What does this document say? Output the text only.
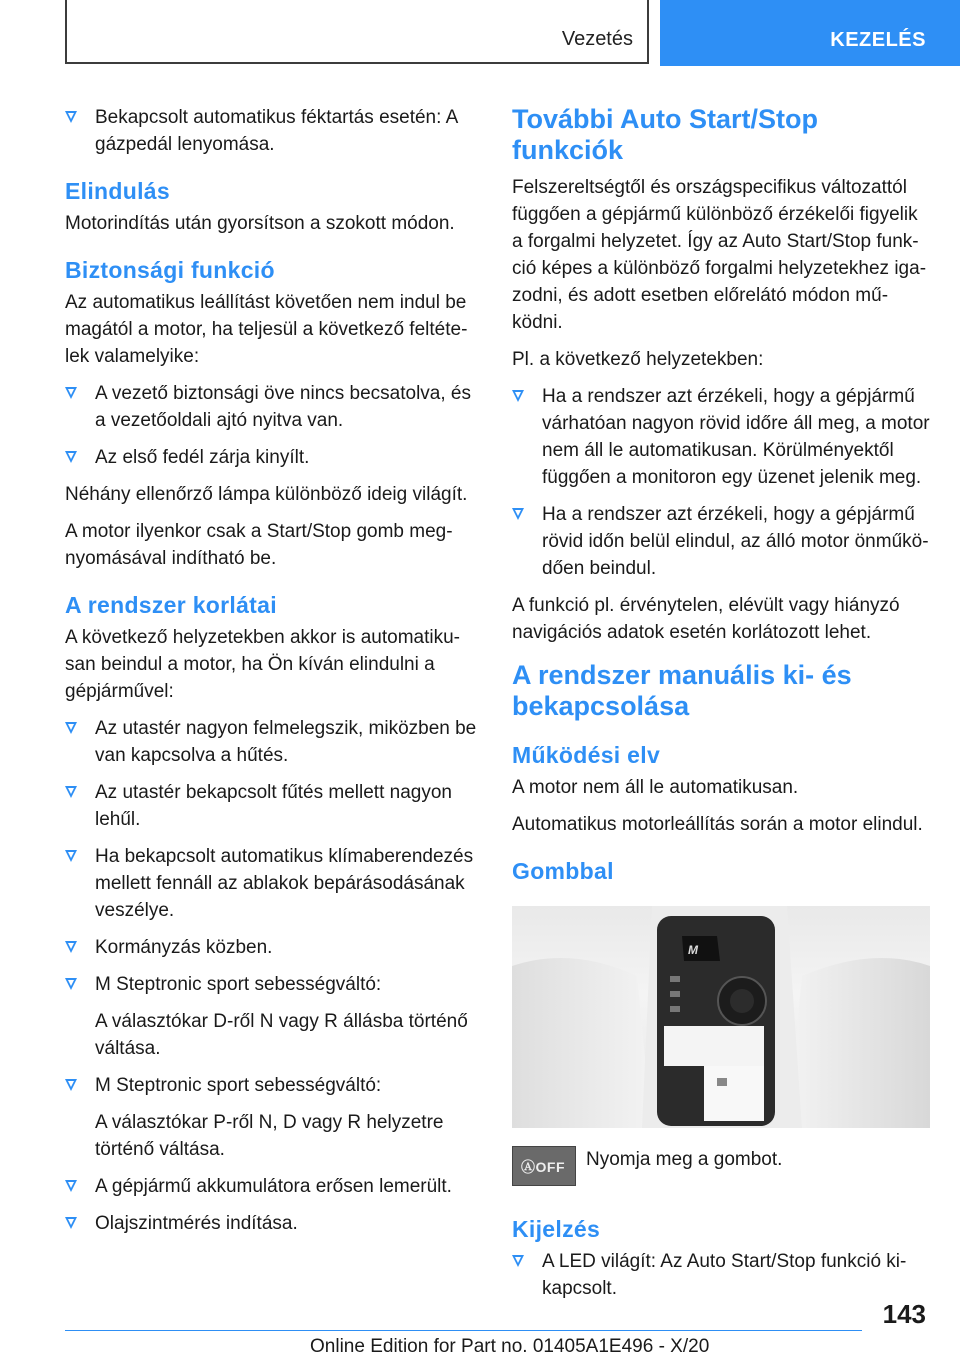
Vezetés	KEZELÉS
Bekapcsolt automatikus féktartás esetén: A gázpedál lenyomása.
Elindulás

Motorindítás után gyorsítson a szokott módon.

Biztonsági funkció

Az automatikus leállítást követően nem indul be magától a motor, ha teljesül a következő feltételek valamelyike:

A vezető biztonsági öve nincs becsatolva, és a vezetőoldali ajtó nyitva van.
Az első fedél zárja kinyílt.

Néhány ellenőrző lámpa különböző ideig világít.

A motor ilyenkor csak a Start/Stop gomb megnyomásával indítható be.

A rendszer korlátai

A következő helyzetekben akkor is automatikusan beindul a motor, ha Ön kíván elindulni a gépjárművel:

Az utastér nagyon felmelegszik, miközben be van kapcsolva a hűtés.
Az utastér bekapcsolt fűtés mellett nagyon lehűl.
Ha bekapcsolt automatikus klímaberendezés mellett fennáll az ablakok bepárásodásának veszélye.
Kormányzás közben.
M Steptronic sport sebességváltó:
A választókar D-ről N vagy R állásba történő váltása.
M Steptronic sport sebességváltó:
A választókar P-ről N, D vagy R helyzetre történő váltása.
A gépjármű akkumulátora erősen lemerült.
Olajszintmérés indítása.
További Auto Start/Stop funkciók

Felszereltségtől és országspecifikus változattól függően a gépjármű különböző érzékelői figyelik a forgalmi helyzetet. Így az Auto Start/Stop funkció képes a különböző forgalmi helyzetekhez igazodni, és adott esetben előrelátó módon működni.

Pl. a következő helyzetekben:

Ha a rendszer azt érzékeli, hogy a gépjármű várhatóan nagyon rövid időre áll meg, a motor nem áll le automatikusan. Körülményektől függően a monitoron egy üzenet jelenik meg.
Ha a rendszer azt érzékeli, hogy a gépjármű rövid időn belül elindul, az álló motor önműködően beindul.

A funkció pl. érvénytelen, elévült vagy hiányzó navigációs adatok esetén korlátozott lehet.

A rendszer manuális ki- és bekapcsolása
Működési elv

A motor nem áll le automatikusan.

Automatikus motorleállítás során a motor elindul.

Gombbal
M
ⒶOFF Nyomja meg a gombot.
Kijelzés
A LED világít: Az Auto Start/Stop funkció kikapcsolt.
143
Online Edition for Part no. 01405A1E496 - X/20
